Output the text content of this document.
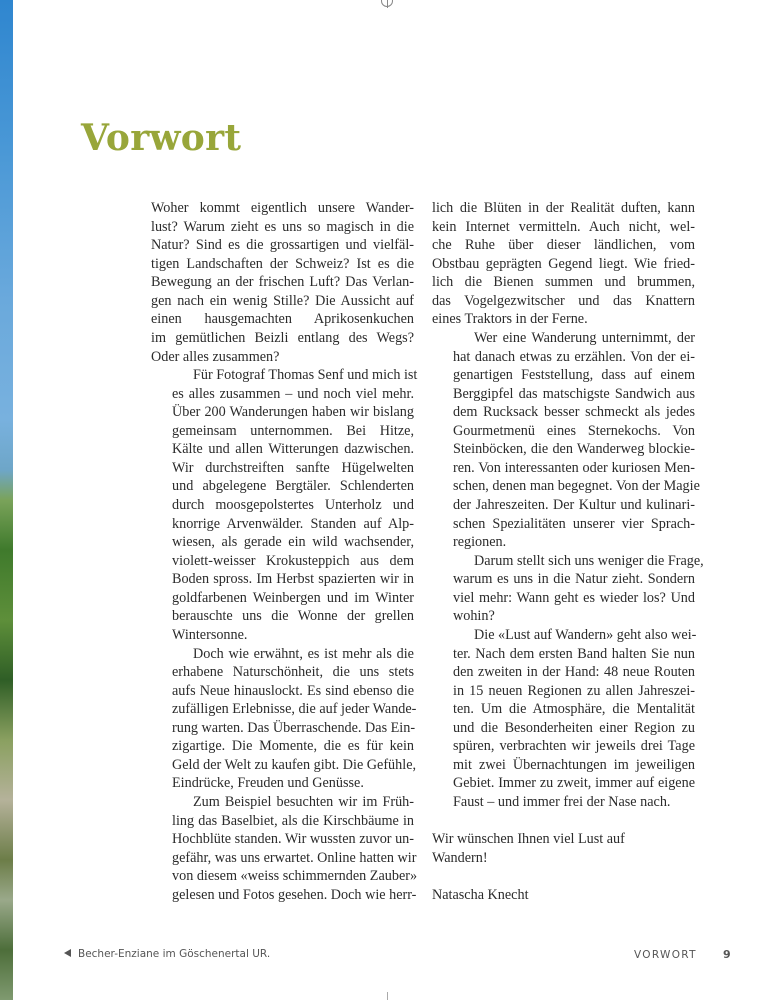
Vorwort

Woher kommt eigentlich unsere Wander-
lust? Warum zieht es uns so magisch in die
Natur? Sind es die grossartigen und vielfäl-
tigen Landschaften der Schweiz? Ist es die
Bewegung an der frischen Luft? Das Verlan-
gen nach ein wenig Stille? Die Aussicht auf
einen hausgemachten Aprikosenkuchen
im gemütlichen Beizli entlang des Wegs?
Oder alles zusammen?

Für Fotograf Thomas Senf und mich ist
es alles zusammen – und noch viel mehr.
Über 200 Wanderungen haben wir bislang
gemeinsam unternommen. Bei Hitze,
Kälte und allen Witterungen dazwischen.
Wir durchstreiften sanfte Hügelwelten
und abgelegene Bergtäler. Schlenderten
durch moosgepolstertes Unterholz und
knorrige Arvenwälder. Standen auf Alp-
wiesen, als gerade ein wild wachsender,
violett-weisser Krokusteppich aus dem
Boden spross. Im Herbst spazierten wir in
goldfarbenen Weinbergen und im Winter
berauschte uns die Wonne der grellen
Wintersonne.

Doch wie erwähnt, es ist mehr als die
erhabene Naturschönheit, die uns stets
aufs Neue hinauslockt. Es sind ebenso die
zufälligen Erlebnisse, die auf jeder Wande-
rung warten. Das Überraschende. Das Ein-
zigartige. Die Momente, die es für kein
Geld der Welt zu kaufen gibt. Die Gefühle,
Eindrücke, Freuden und Genüsse.

Zum Beispiel besuchten wir im Früh-
ling das Baselbiet, als die Kirschbäume in
Hochblüte standen. Wir wussten zuvor un-
gefähr, was uns erwartet. Online hatten wir
von diesem «weiss schimmernden Zauber»
gelesen und Fotos gesehen. Doch wie herr-

lich die Blüten in der Realität duften, kann
kein Internet vermitteln. Auch nicht, wel-
che Ruhe über dieser ländlichen, vom
Obstbau geprägten Gegend liegt. Wie fried-
lich die Bienen summen und brummen,
das Vogelgezwitscher und das Knattern
eines Traktors in der Ferne.

Wer eine Wanderung unternimmt, der
hat danach etwas zu erzählen. Von der ei-
genartigen Feststellung, dass auf einem
Berggipfel das matschigste Sandwich aus
dem Rucksack besser schmeckt als jedes
Gourmetmenü eines Sternekochs. Von
Steinböcken, die den Wanderweg blockie-
ren. Von interessanten oder kuriosen Men-
schen, denen man begegnet. Von der Magie
der Jahreszeiten. Der Kultur und kulinari-
schen Spezialitäten unserer vier Sprach-
regionen.

Darum stellt sich uns weniger die Frage,
warum es uns in die Natur zieht. Sondern
viel mehr: Wann geht es wieder los? Und
wohin?

Die «Lust auf Wandern» geht also wei-
ter. Nach dem ersten Band halten Sie nun
den zweiten in der Hand: 48 neue Routen
in 15 neuen Regionen zu allen Jahreszei-
ten. Um die Atmosphäre, die Mentalität
und die Besonderheiten einer Region zu
spüren, verbrachten wir jeweils drei Tage
mit zwei Übernachtungen im jeweiligen
Gebiet. Immer zu zweit, immer auf eigene
Faust – und immer frei der Nase nach.

Wir wünschen Ihnen viel Lust auf
Wandern!

Natascha Knecht

Becher-Enziane im Göschenertal UR.	VORWORT 9
